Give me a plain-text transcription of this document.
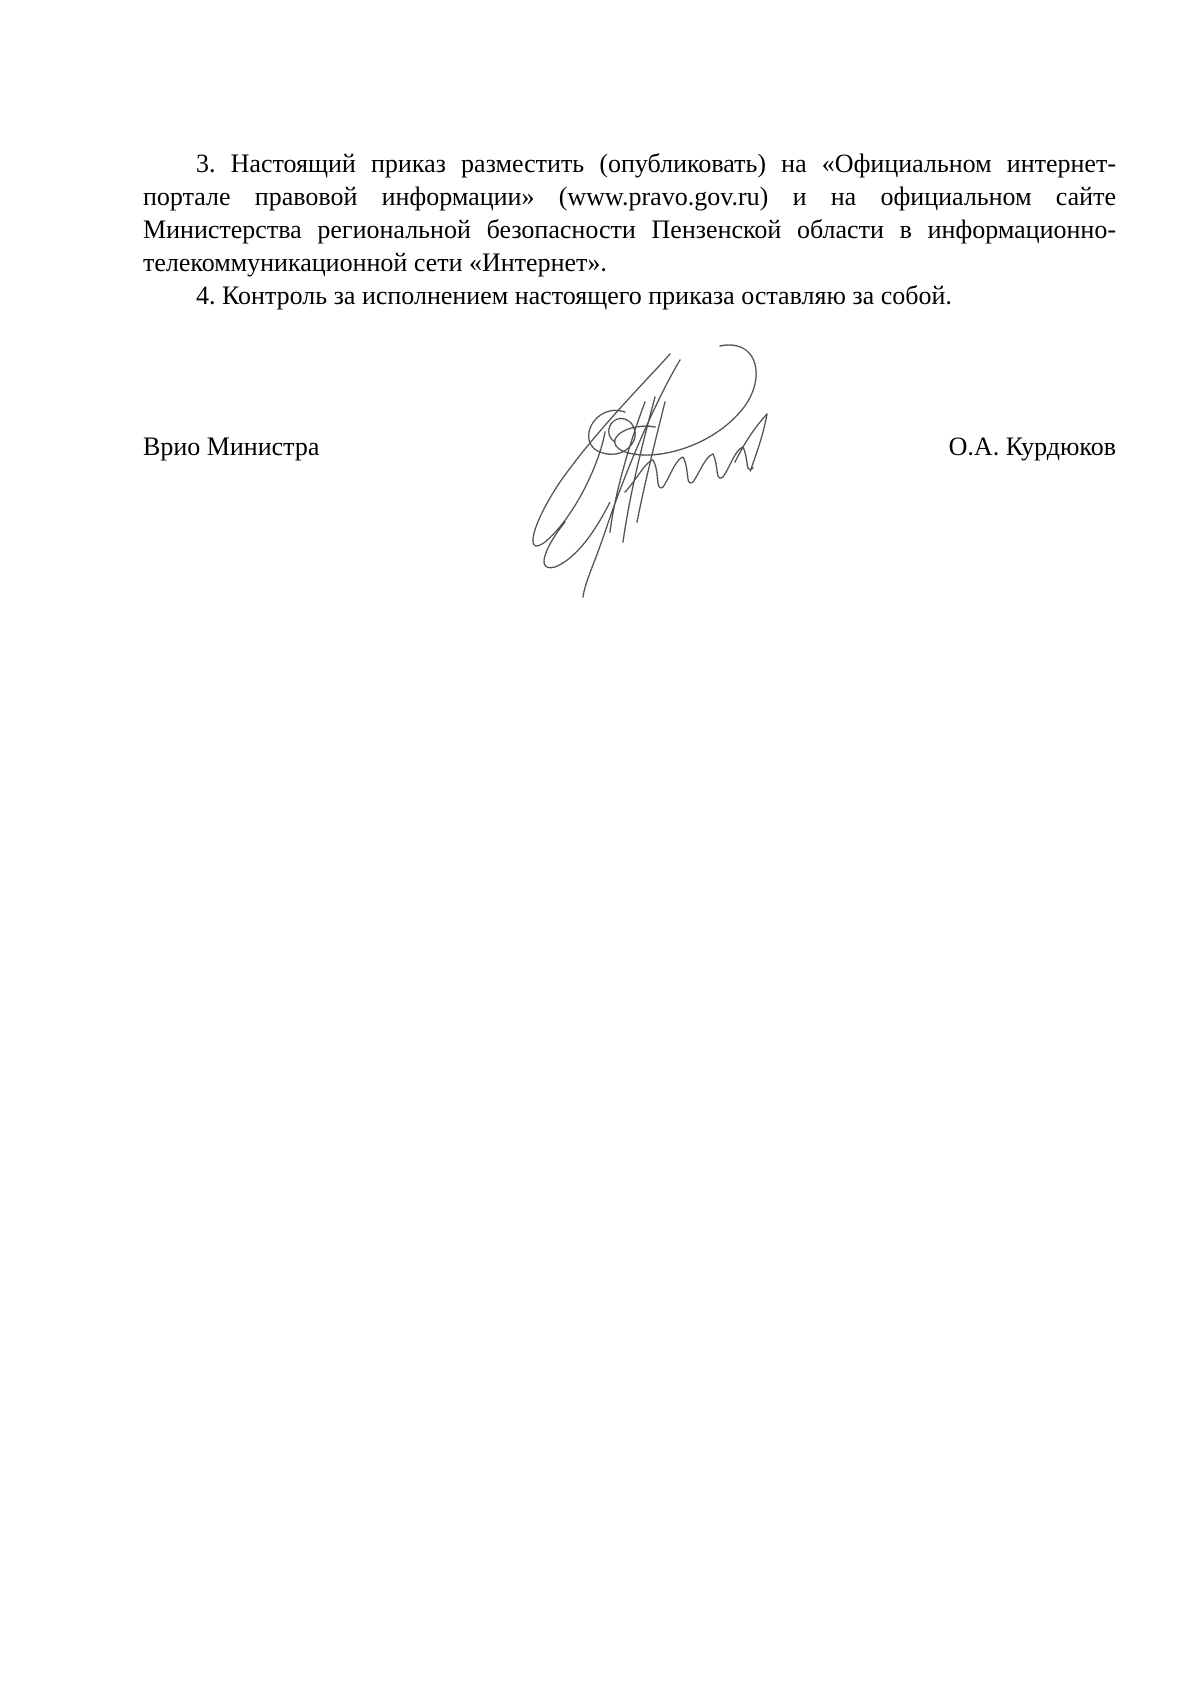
3. Настоящий приказ разместить (опубликовать) на «Официальном интернет-портале правовой информации» (www.pravo.gov.ru) и на официальном сайте Министерства региональной безопасности Пензенской области в информационно-телекоммуникационной сети «Интернет».

4. Контроль за исполнением настоящего приказа оставляю за собой.

Врио Министра	О.А. Курдюков
